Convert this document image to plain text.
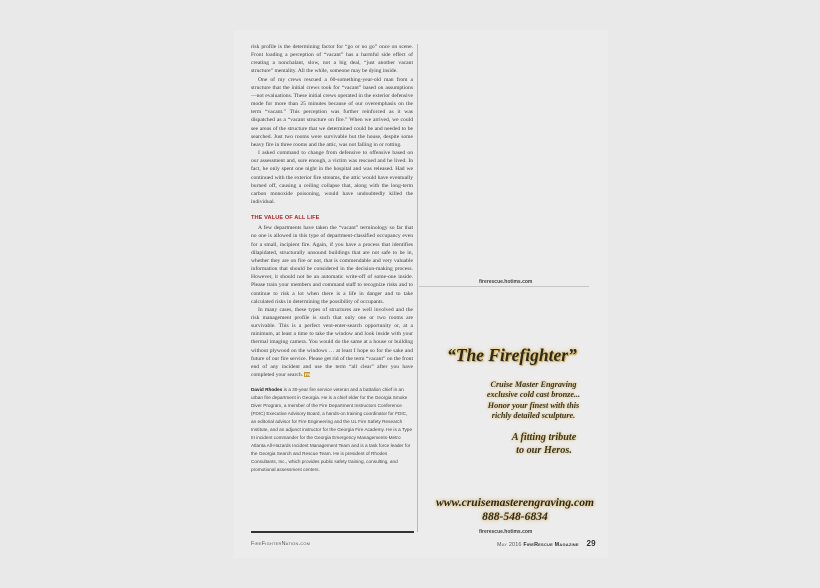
risk profile is the determining factor for “go or no go” once on scene. Front loading a perception of “vacant” has a harmful side effect of creating a nonchalant, slow, not a big deal, “just another vacant structure” mentality. All the while, someone may be dying inside.

One of my crews rescued a 60-something-year-old man from a structure that the initial crews took for “vacant” based on assumptions—not evaluations. These initial crews operated in the exterior defensive mode for more than 25 minutes because of our overemphasis on the term “vacant.” This perception was further reinforced as it was dispatched as a “vacant structure on fire.” When we arrived, we could see areas of the structure that we determined could be and needed to be searched. Just two rooms were survivable but the house, despite some heavy fire in three rooms and the attic, was not falling in or rotting.

I asked command to change from defensive to offensive based on our assessment and, sure enough, a victim was rescued and he lived. In fact, he only spent one night in the hospital and was released. Had we continued with the exterior fire streams, the attic would have eventually burned off, causing a ceiling collapse that, along with the long-term carbon monoxide poisoning, would have undoubtedly killed the individual.

THE VALUE OF ALL LIFE

A few departments have taken the “vacant” terminology so far that no one is allowed in this type of department-classified occupancy even for a small, incipient fire. Again, if you have a process that identifies dilapidated, structurally unsound buildings that are not safe to be in, whether they are on fire or not, that is commendable and very valuable information that should be considered in the decision-making process. However, it should not be an automatic write-off of some-one inside. Please train your members and command staff to recognize risks and to continue to risk a lot when there is a life in danger and to take calculated risks in determining the possibility of occupants.

In many cases, these types of structures are well involved and the risk management profile is such that only one or two rooms are survivable. This is a perfect vent-enter-search opportunity or, at a minimum, at least a time to take the window and look inside with your thermal imaging camera. You would do the same at a house or building without plywood on the windows … at least I hope so for the sake and future of our fire service. Please get rid of the term “vacant” on the front end of any incident and use the term “all clear” after you have completed your search. FR

David Rhodes is a 30-year fire service veteran and a battalion chief in an urban fire department in Georgia. He is a chief elder for the Georgia Smoke Diver Program, a member of the Fire Department Instructors Conference (FDIC) Executive Advisory Board, a hands-on training coordinator for FDIC, an editorial advisor for Fire Engineering and the UL Fire Safety Research Institute, and an adjunct instructor for the Georgia Fire Academy. He is a Type III incident commander for the Georgia Emergency Managements-Metro Atlanta All-Hazards Incident Management Team and is a task force leader for the Georgia Search and Rescue Team. He is president of Rhodes Consultants, Inc., which provides public safety training, consulting, and promotional assessment centers.
firerescue.hotims.com
“The Firefighter”
Cruise Master Engraving
exclusive cold cast bronze...
Honor your finest with this
richly detailed sculpture.
A fitting tribute
to our Heros.
www.cruisemasterengraving.com
888-548-6834
firerescue.hotims.com
FireFighterNation.com	May 2016 FireRescue Magazine 29
